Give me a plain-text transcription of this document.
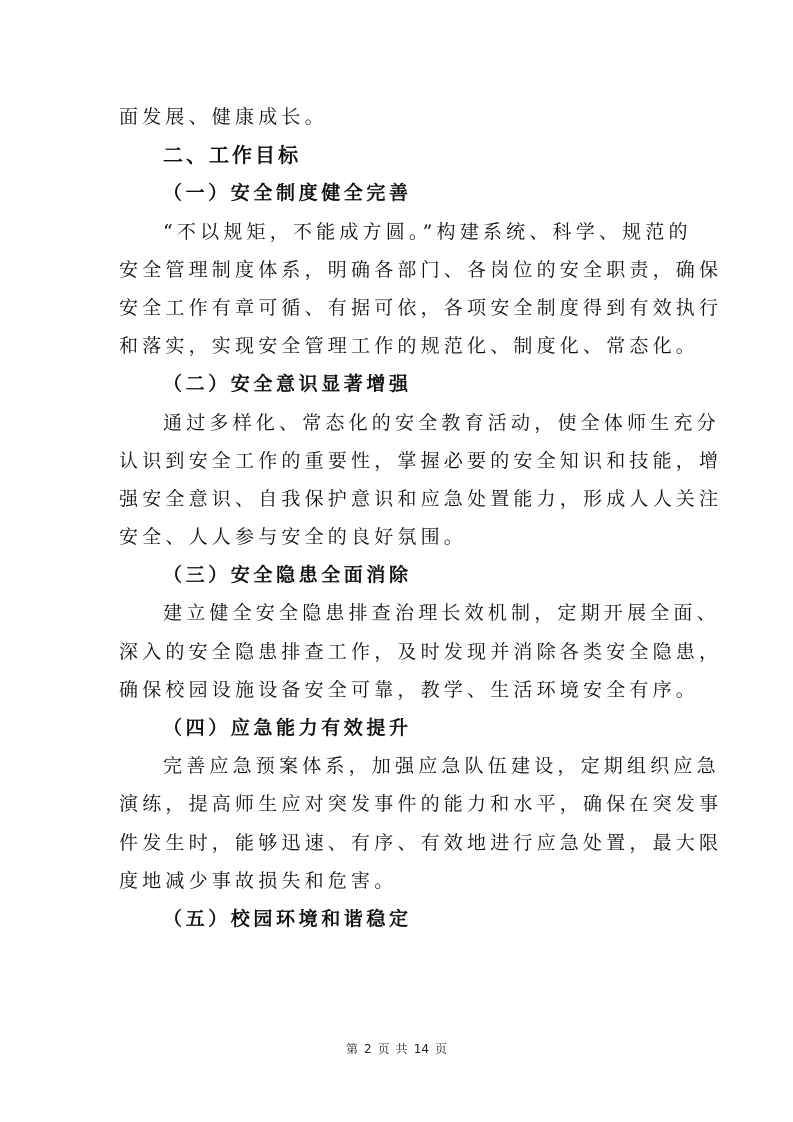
面发展、健康成长。
二、工作目标
（一）安全制度健全完善
“不以规矩，不能成方圆。”构建系统、科学、规范的
安全管理制度体系，明确各部门、各岗位的安全职责，确保
安全工作有章可循、有据可依，各项安全制度得到有效执行
和落实，实现安全管理工作的规范化、制度化、常态化。
（二）安全意识显著增强
通过多样化、常态化的安全教育活动，使全体师生充分
认识到安全工作的重要性，掌握必要的安全知识和技能，增
强安全意识、自我保护意识和应急处置能力，形成人人关注
安全、人人参与安全的良好氛围。
（三）安全隐患全面消除
建立健全安全隐患排查治理长效机制，定期开展全面、
深入的安全隐患排查工作，及时发现并消除各类安全隐患，
确保校园设施设备安全可靠，教学、生活环境安全有序。
（四）应急能力有效提升
完善应急预案体系，加强应急队伍建设，定期组织应急
演练，提高师生应对突发事件的能力和水平，确保在突发事
件发生时，能够迅速、有序、有效地进行应急处置，最大限
度地减少事故损失和危害。
（五）校园环境和谐稳定
第 2 页 共 14 页
